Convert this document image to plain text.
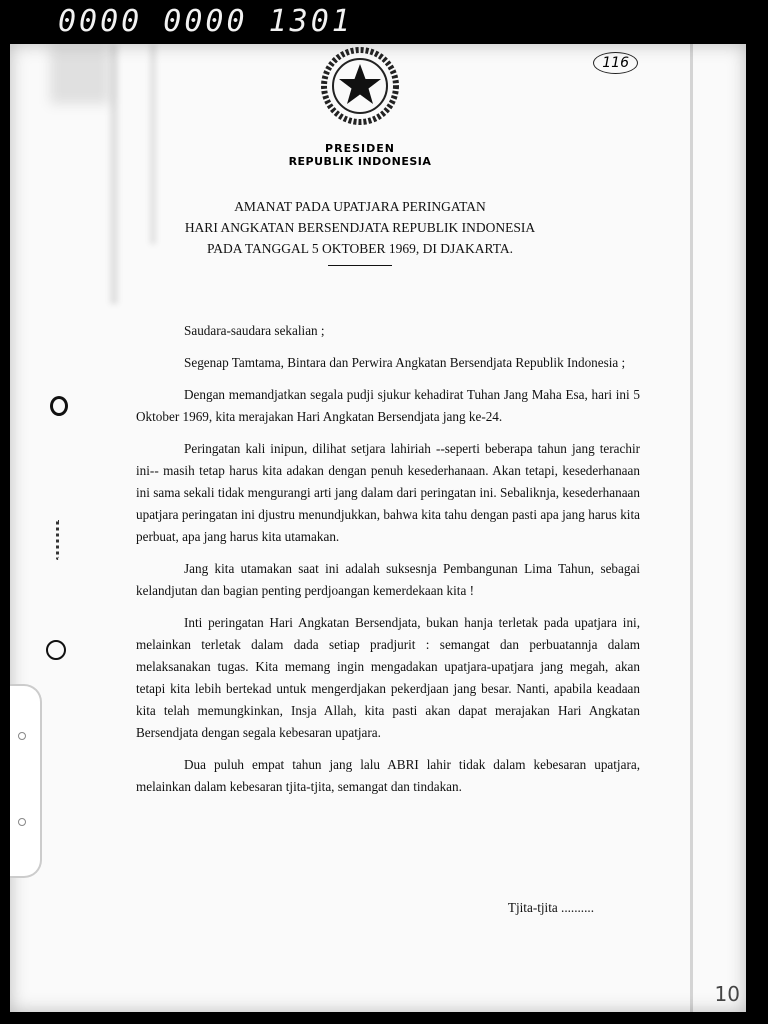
0000 0000 1301
116
PRESIDEN
REPUBLIK INDONESIA
AMANAT PADA UPATJARA PERINGATAN
HARI ANGKATAN BERSENDJATA REPUBLIK INDONESIA
PADA TANGGAL 5 OKTOBER 1969, DI DJAKARTA.

Saudara-saudara sekalian ;

Segenap Tamtama, Bintara dan Perwira Angkatan Bersendjata Republik Indonesia ;

Dengan memandjatkan segala pudji sjukur kehadirat Tuhan Jang Maha Esa, hari ini 5 Oktober 1969, kita merajakan Hari Angkatan Bersendjata jang ke-24.

Peringatan kali inipun, dilihat setjara lahiriah --seperti beberapa tahun jang terachir ini-- masih tetap harus kita adakan dengan penuh kesederhanaan. Akan tetapi, kesederhanaan ini sama sekali tidak mengurangi arti jang dalam dari peringatan ini. Sebaliknja, kesederhanaan upatjara peringatan ini djustru menundjukkan, bahwa kita tahu dengan pasti apa jang harus kita perbuat, apa jang harus kita utamakan.

Jang kita utamakan saat ini adalah suksesnja Pembangunan Lima Tahun, sebagai kelandjutan dan bagian penting perdjoangan kemerdekaan kita !

Inti peringatan Hari Angkatan Bersendjata, bukan hanja terletak pada upatjara ini, melainkan terletak dalam dada setiap pradjurit : semangat dan perbuatannja dalam melaksanakan tugas. Kita memang ingin mengadakan upatjara-upatjara jang megah, akan tetapi kita lebih bertekad untuk mengerdjakan pekerdjaan jang besar. Nanti, apabila keadaan kita telah memungkinkan, Insja Allah, kita pasti akan dapat merajakan Hari Angkatan Bersendjata dengan segala kebesaran upatjara.

Dua puluh empat tahun jang lalu ABRI lahir tidak dalam kebesaran upatjara, melainkan dalam kebesaran tjita-tjita, semangat dan tindakan.

Tjita-tjita ..........
10
